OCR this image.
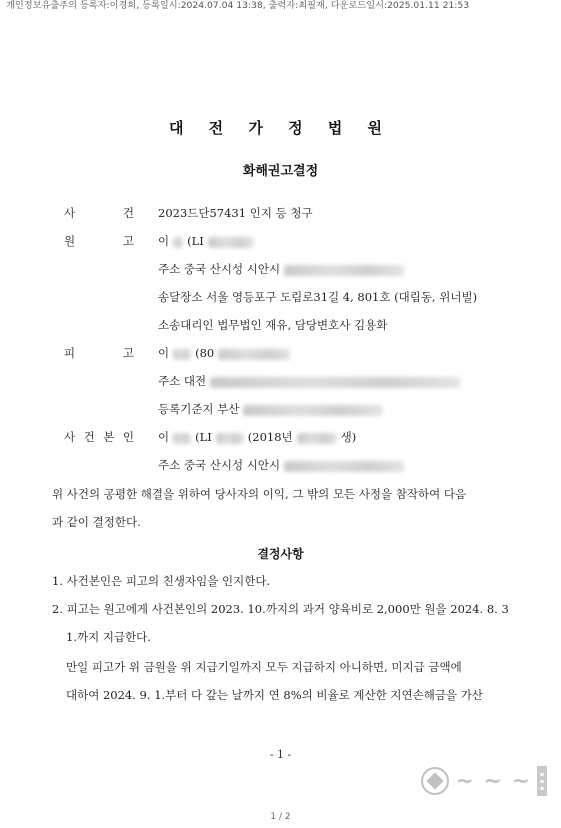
개인정보유출주의 등록자:이경희, 등록일시:2024.07.04 13:38, 출력자:최필재, 다운로드일시:2025.01.11 21:53
대 전 가 정 법 원
화해권고결정
사	건 2023드단57431 인지 등 청구
원	고 이 (LI
주소 중국 산시성 시안시
송달장소 서울 영등포구 도림로31길 4, 801호 (대림동, 위너빌)
소송대리인 법무법인 재유, 담당변호사 김용화
피	고 이 (80
주소 대전
등록기준지 부산
사 건 본 인 이 (LI	(2018년	생)
주소 중국 산시성 시안시
위 사건의 공평한 해결을 위하여 당사자의 이익, 그 밖의 모든 사정을 참작하여 다음
과 같이 결정한다.
결정사항
1. 사건본인은 피고의 친생자임을 인지한다.
2. 피고는 원고에게 사건본인의 2023. 10.까지의 과거 양육비로 2,000만 원을 2024. 8. 3
1.까지 지급한다.
만일 피고가 위 금원을 위 지급기일까지 모두 지급하지 아니하면, 미지급 금액에
대하여 2024. 9. 1.부터 다 갚는 날까지 연 8%의 비율로 계산한 지연손해금을 가산
- 1 -
~ ~ ~	▪
▪
▪
1 / 2
